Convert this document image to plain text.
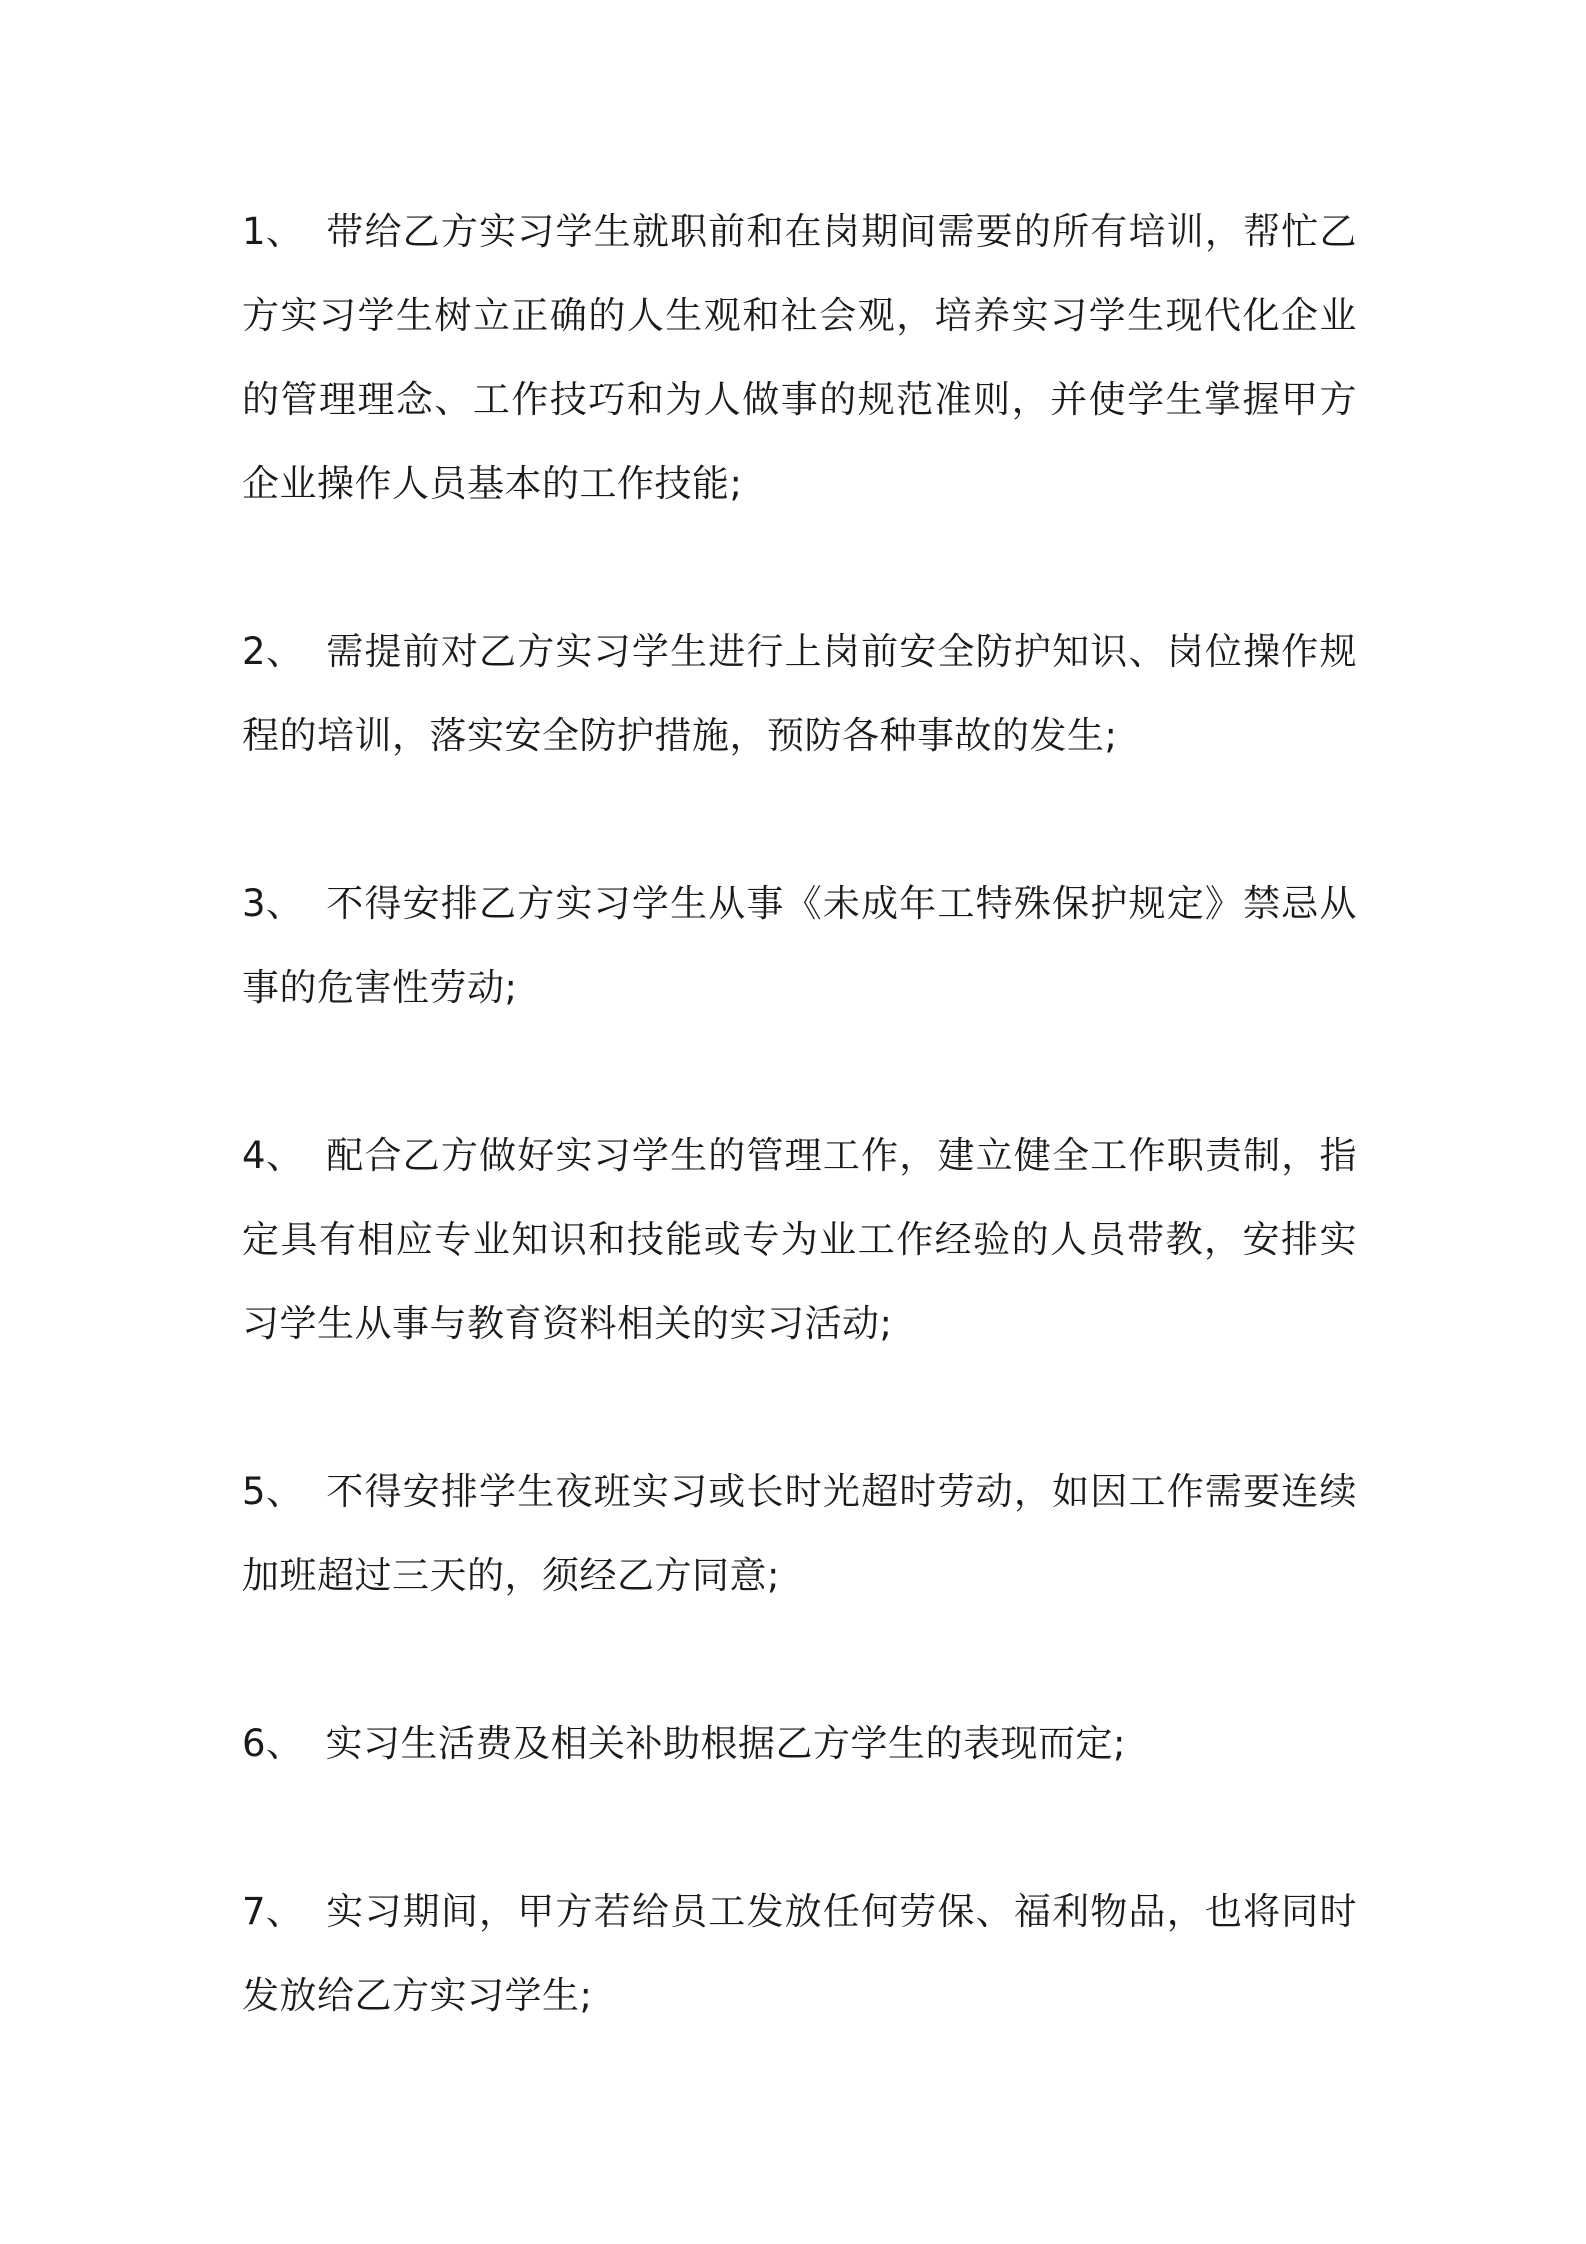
1、 带给乙方实习学生就职前和在岗期间需要的所有培训，帮忙乙方实习学生树立正确的人生观和社会观，培养实习学生现代化企业的管理理念、工作技巧和为人做事的规范准则，并使学生掌握甲方企业操作人员基本的工作技能;
2、 需提前对乙方实习学生进行上岗前安全防护知识、岗位操作规程的培训，落实安全防护措施，预防各种事故的发生;
3、 不得安排乙方实习学生从事《未成年工特殊保护规定》禁忌从事的危害性劳动;
4、 配合乙方做好实习学生的管理工作，建立健全工作职责制，指定具有相应专业知识和技能或专为业工作经验的人员带教，安排实习学生从事与教育资料相关的实习活动;
5、 不得安排学生夜班实习或长时光超时劳动，如因工作需要连续加班超过三天的，须经乙方同意;
6、 实习生活费及相关补助根据乙方学生的表现而定;
7、 实习期间，甲方若给员工发放任何劳保、福利物品，也将同时发放给乙方实习学生;
